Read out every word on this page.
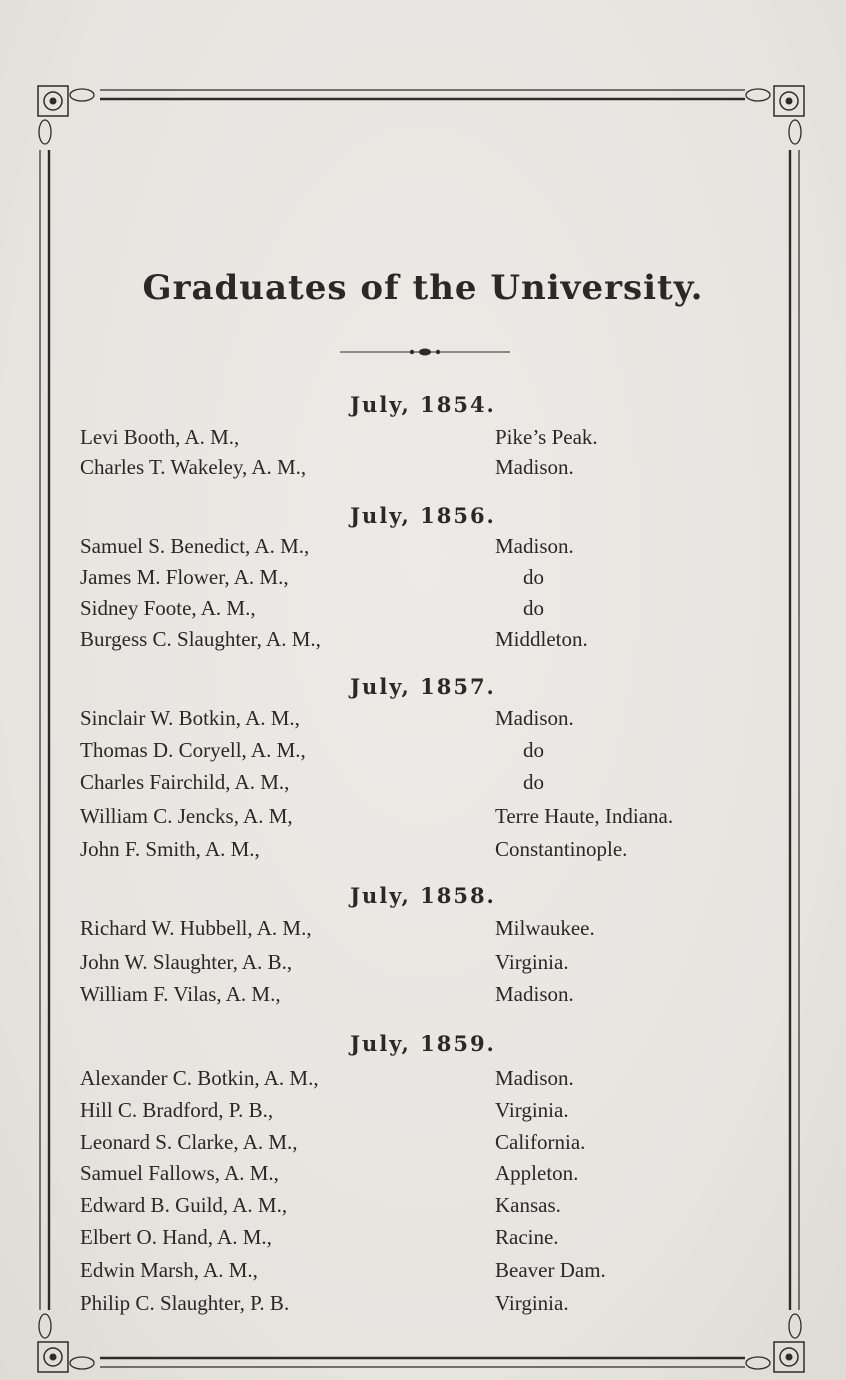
Graduates of the University.
July, 1854.
Levi Booth, A. M.,	Pike’s Peak.
Charles T. Wakeley, A. M.,	Madison.
July, 1856.
Samuel S. Benedict, A. M.,	Madison.
James M. Flower, A. M.,	do
Sidney Foote, A. M.,	do
Burgess C. Slaughter, A. M.,	Middleton.
July, 1857.
Sinclair W. Botkin, A. M.,	Madison.
Thomas D. Coryell, A. M.,	do
Charles Fairchild, A. M.,	do
William C. Jencks, A. M,	Terre Haute, Indiana.
John F. Smith, A. M.,	Constantinople.
July, 1858.
Richard W. Hubbell, A. M.,	Milwaukee.
John W. Slaughter, A. B.,	Virginia.
William F. Vilas, A. M.,	Madison.
July, 1859.
Alexander C. Botkin, A. M.,	Madison.
Hill C. Bradford, P. B.,	Virginia.
Leonard S. Clarke, A. M.,	California.
Samuel Fallows, A. M.,	Appleton.
Edward B. Guild, A. M.,	Kansas.
Elbert O. Hand, A. M.,	Racine.
Edwin Marsh, A. M.,	Beaver Dam.
Philip C. Slaughter, P. B.	Virginia.
